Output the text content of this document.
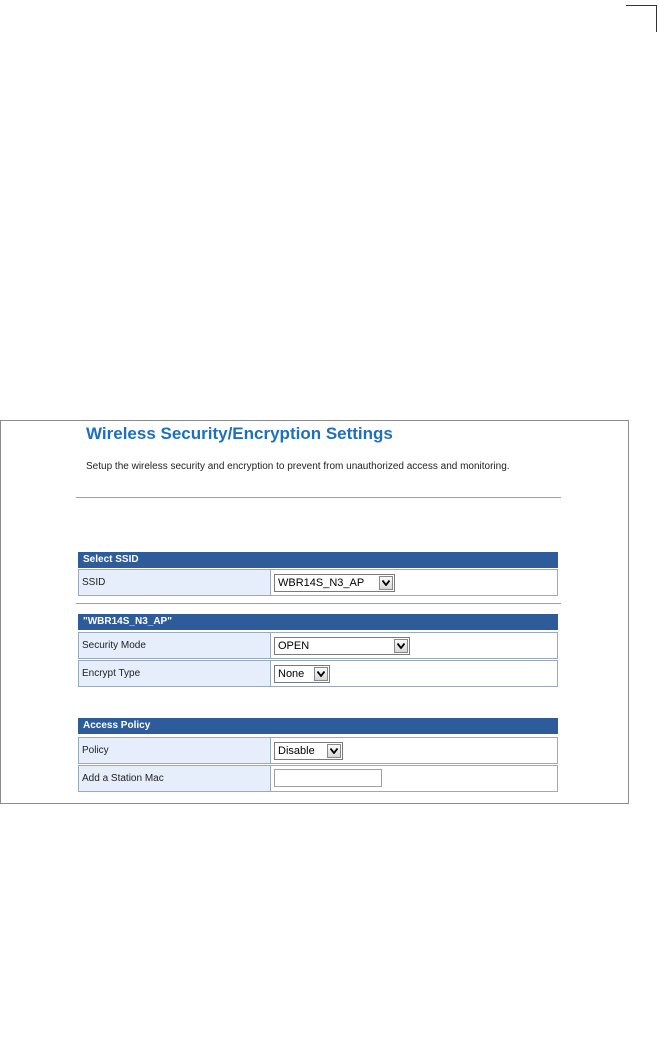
Wireless Security/Encryption Settings
Setup the wireless security and encryption to prevent from unauthorized access and monitoring.
Select SSID
SSID	WBR14S_N3_AP
"WBR14S_N3_AP"
Security Mode	OPEN
Encrypt Type	None
Access Policy
Policy	Disable
Add a Station Mac
